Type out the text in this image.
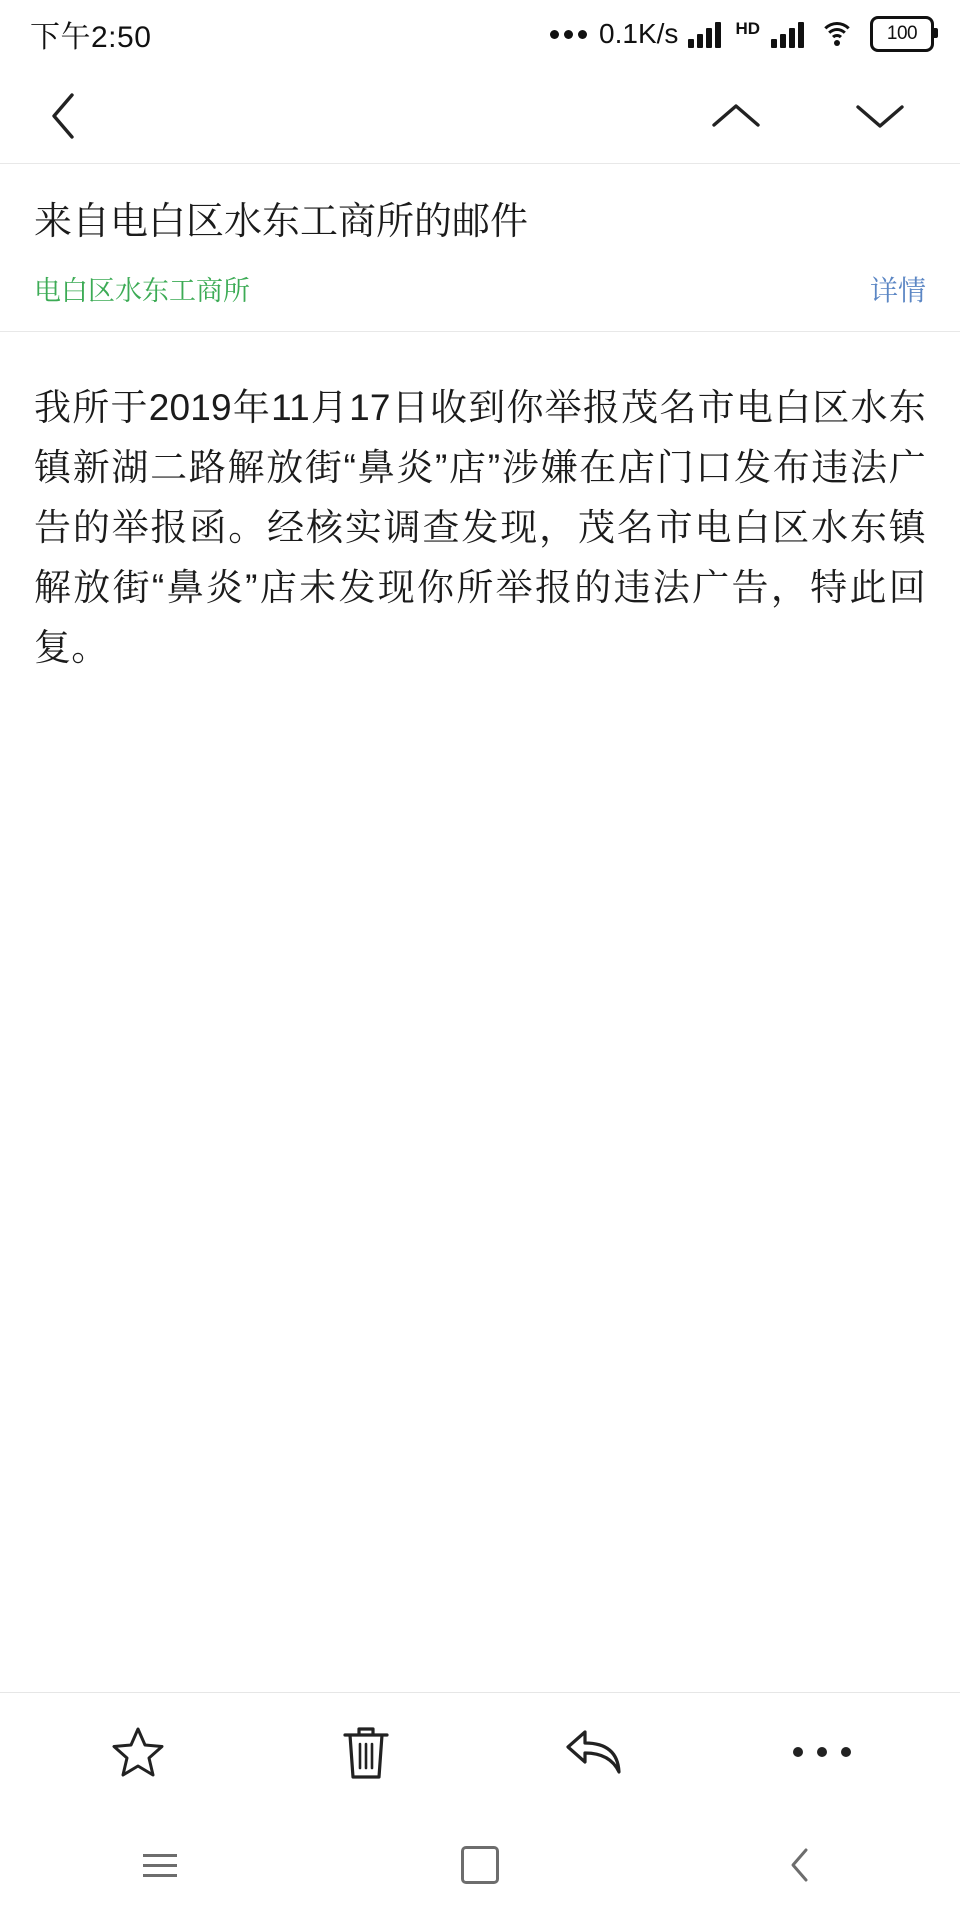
下午2:50	0.1K/s	HD	100
来自电白区水东工商所的邮件
电白区水东工商所	详情

我所于2019年11月17日收到你举报茂名市电白区水东镇新湖二路解放街“鼻炎”店”涉嫌在店门口发布违法广告的举报函。经核实调查发现，茂名市电白区水东镇解放街“鼻炎”店未发现你所举报的违法广告，特此回复。
